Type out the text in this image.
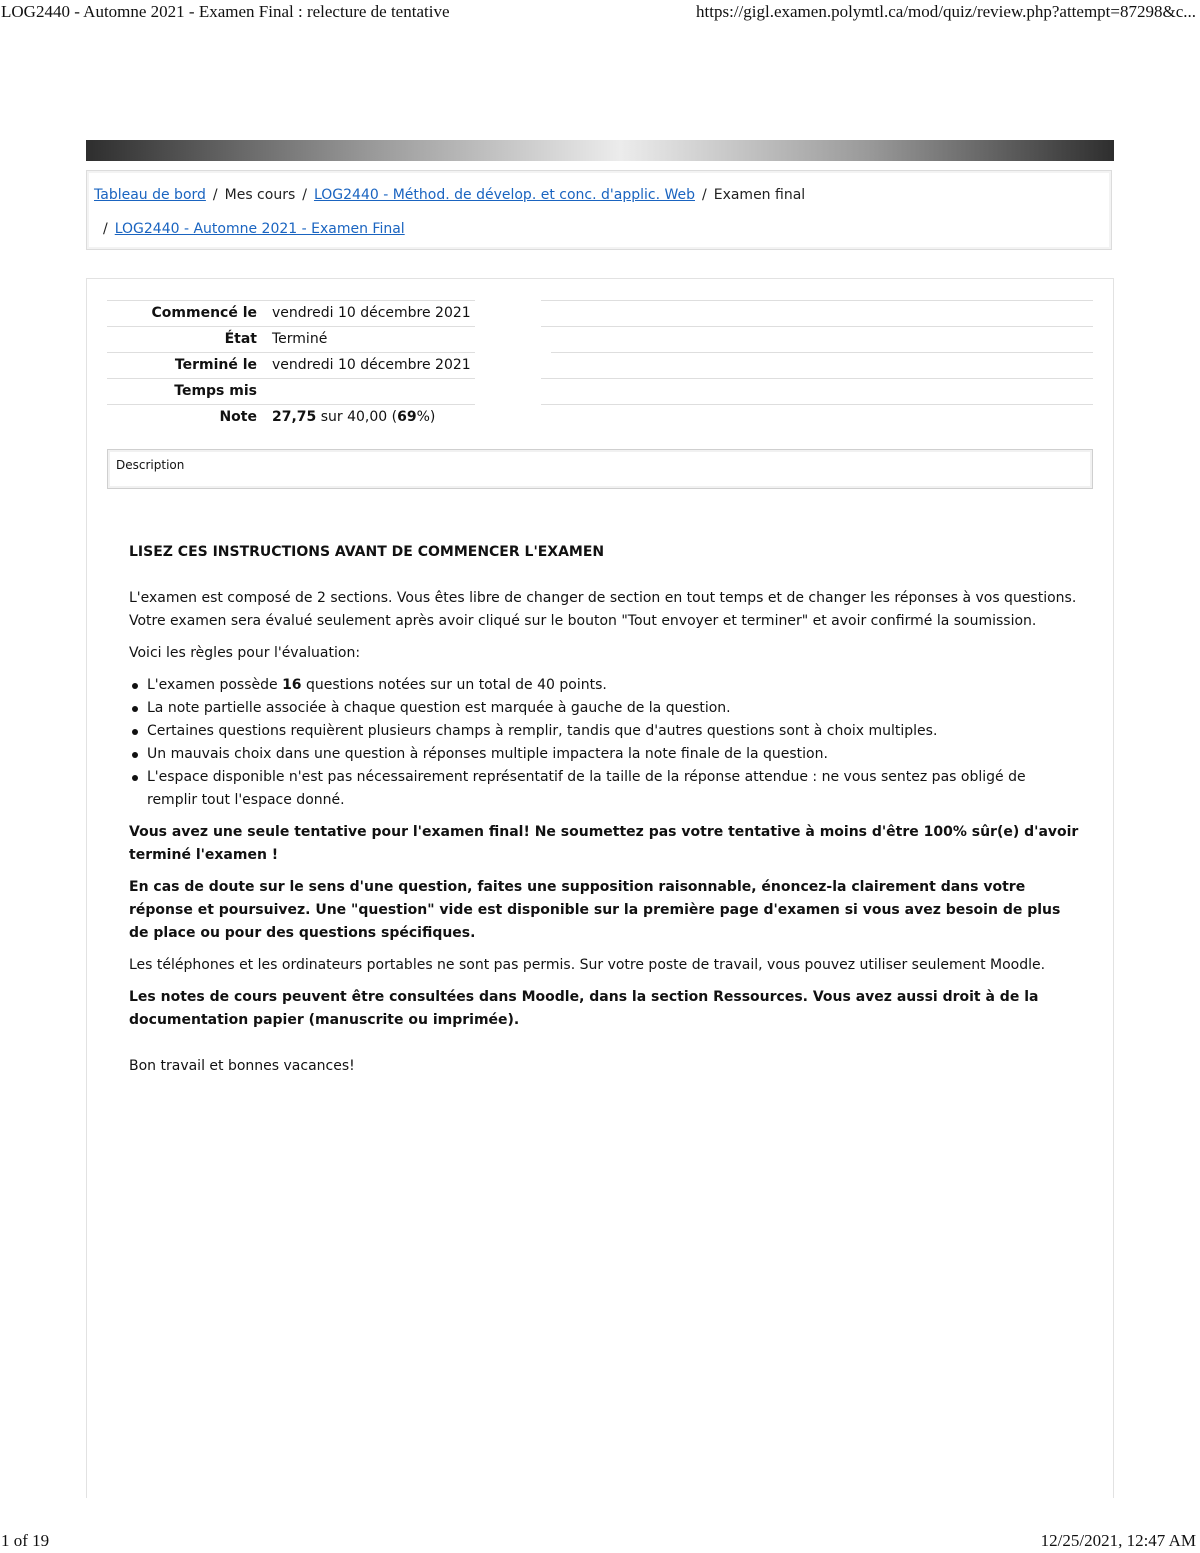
LOG2440 - Automne 2021 - Examen Final : relecture de tentative	https://gigl.examen.polymtl.ca/mod/quiz/review.php?attempt=87298&c...
Tableau de bord / Mes cours / LOG2440 - Méthod. de dévelop. et conc. d'applic. Web / Examen final
/ LOG2440 - Automne 2021 - Examen Final
Commencé le vendredi 10 décembre 2021
État Terminé
Terminé le vendredi 10 décembre 2021
Temps mis
Note 27,75 sur 40,00 (69%)
Description

LISEZ CES INSTRUCTIONS AVANT DE COMMENCER L'EXAMEN

L'examen est composé de 2 sections. Vous êtes libre de changer de section en tout temps et de changer les réponses à vos questions. Votre examen sera évalué seulement après avoir cliqué sur le bouton "Tout envoyer et terminer" et avoir confirmé la soumission.

Voici les règles pour l'évaluation:

L'examen possède 16 questions notées sur un total de 40 points.
La note partielle associée à chaque question est marquée à gauche de la question.
Certaines questions requièrent plusieurs champs à remplir, tandis que d'autres questions sont à choix multiples.
Un mauvais choix dans une question à réponses multiple impactera la note finale de la question.
L'espace disponible n'est pas nécessairement représentatif de la taille de la réponse attendue : ne vous sentez pas obligé de remplir tout l'espace donné.

Vous avez une seule tentative pour l'examen final! Ne soumettez pas votre tentative à moins d'être 100% sûr(e) d'avoir terminé l'examen !

En cas de doute sur le sens d'une question, faites une supposition raisonnable, énoncez-la clairement dans votre réponse et poursuivez. Une "question" vide est disponible sur la première page d'examen si vous avez besoin de plus de place ou pour des questions spécifiques.

Les téléphones et les ordinateurs portables ne sont pas permis. Sur votre poste de travail, vous pouvez utiliser seulement Moodle.

Les notes de cours peuvent être consultées dans Moodle, dans la section Ressources. Vous avez aussi droit à de la documentation papier (manuscrite ou imprimée).

Bon travail et bonnes vacances!

1 of 19	12/25/2021, 12:47 AM
